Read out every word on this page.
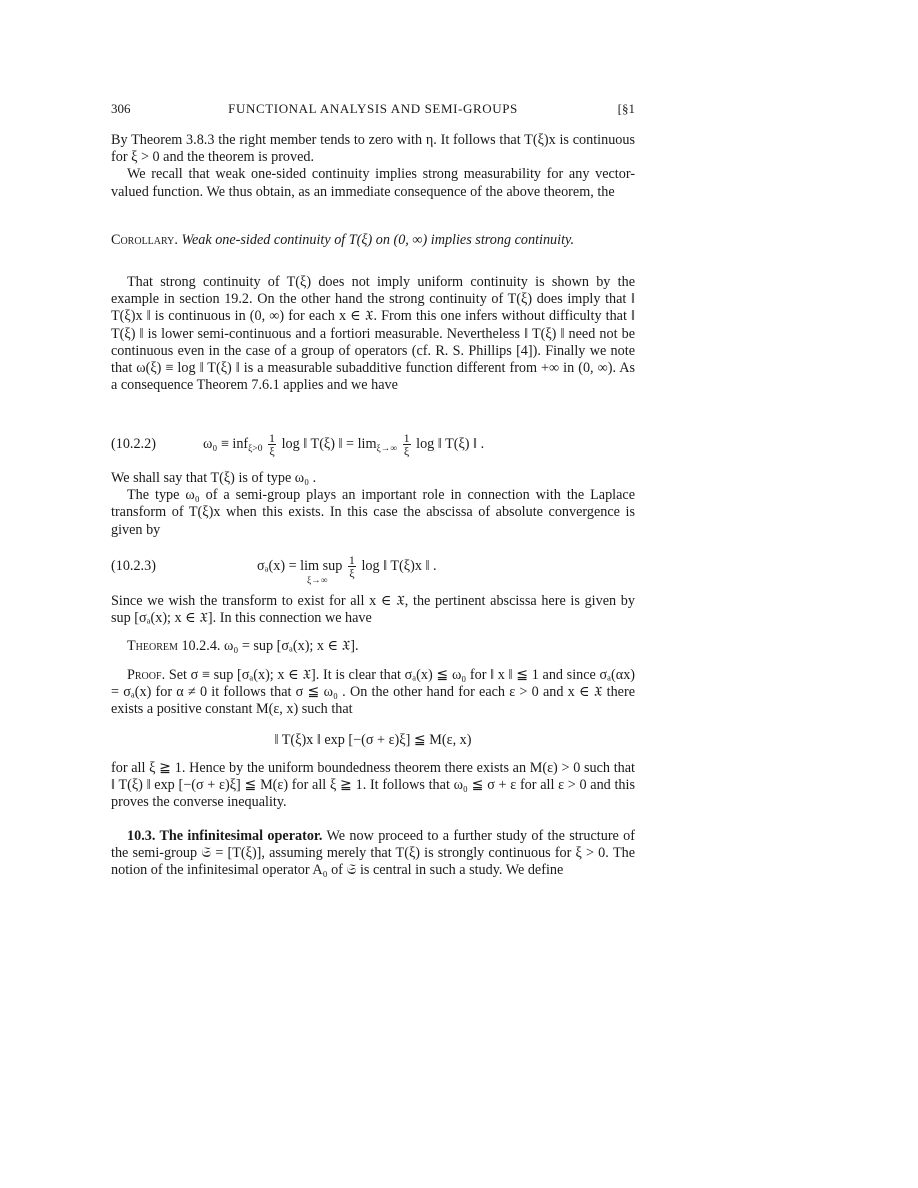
306	FUNCTIONAL ANALYSIS AND SEMI-GROUPS	[§1

By Theorem 3.8.3 the right member tends to zero with η. It follows that T(ξ)x is continuous for ξ > 0 and the theorem is proved.

We recall that weak one-sided continuity implies strong measurability for any vector-valued function. We thus obtain, as an immediate consequence of the above theorem, the

Corollary. Weak one-sided continuity of T(ξ) on (0, ∞) implies strong continuity.

That strong continuity of T(ξ) does not imply uniform continuity is shown by the example in section 19.2. On the other hand the strong continuity of T(ξ) does imply that ‖ T(ξ)x ‖ is continuous in (0, ∞) for each x ∈ 𝔛. From this one infers without difficulty that ‖ T(ξ) ‖ is lower semi-continuous and a fortiori measurable. Nevertheless ‖ T(ξ) ‖ need not be continuous even in the case of a group of operators (cf. R. S. Phillips [4]). Finally we note that ω(ξ) ≡ log ‖ T(ξ) ‖ is a measurable subadditive function different from +∞ in (0, ∞). As a consequence Theorem 7.6.1 applies and we have

(10.2.2)	$\omega_0 \equiv inf_{\xi>0} \frac{1}{\xi}$ log ‖ T(ξ) ‖ = $\lim_{\xi\to\infty} \frac{1}{\xi}$ log ‖ T(ξ) ‖ .

We shall say that T(ξ) is of type ω₀ .

The type ω₀ of a semi-group plays an important role in connection with the Laplace transform of T(ξ)x when this exists. In this case the abscissa of absolute convergence is given by

(10.2.3)	σₐ(x) = lim sup $\frac{1}{\xi}$ log ‖ T(ξ)x ‖ .
ξ→∞

Since we wish the transform to exist for all x ∈ 𝔛, the pertinent abscissa here is given by sup [σₐ(x); x ∈ 𝔛]. In this connection we have

Theorem 10.2.4. ω₀ = sup [σₐ(x); x ∈ 𝔛].

Proof. Set σ ≡ sup [σₐ(x); x ∈ 𝔛]. It is clear that σₐ(x) ≦ ω₀ for ‖ x ‖ ≦ 1 and since σₐ(αx) = σₐ(x) for α ≠ 0 it follows that σ ≦ ω₀ . On the other hand for each ε > 0 and x ∈ 𝔛 there exists a positive constant M(ε, x) such that

‖ T(ξ)x ‖ exp [−(σ + ε)ξ] ≦ M(ε, x)

for all ξ ≧ 1. Hence by the uniform boundedness theorem there exists an M(ε) > 0 such that ‖ T(ξ) ‖ exp [−(σ + ε)ξ] ≦ M(ε) for all ξ ≧ 1. It follows that ω₀ ≦ σ + ε for all ε > 0 and this proves the converse inequality.

10.3. The infinitesimal operator. We now proceed to a further study of the structure of the semi-group 𝔖 = [T(ξ)], assuming merely that T(ξ) is strongly continuous for ξ > 0. The notion of the infinitesimal operator A₀ of 𝔖 is central in such a study. We define
